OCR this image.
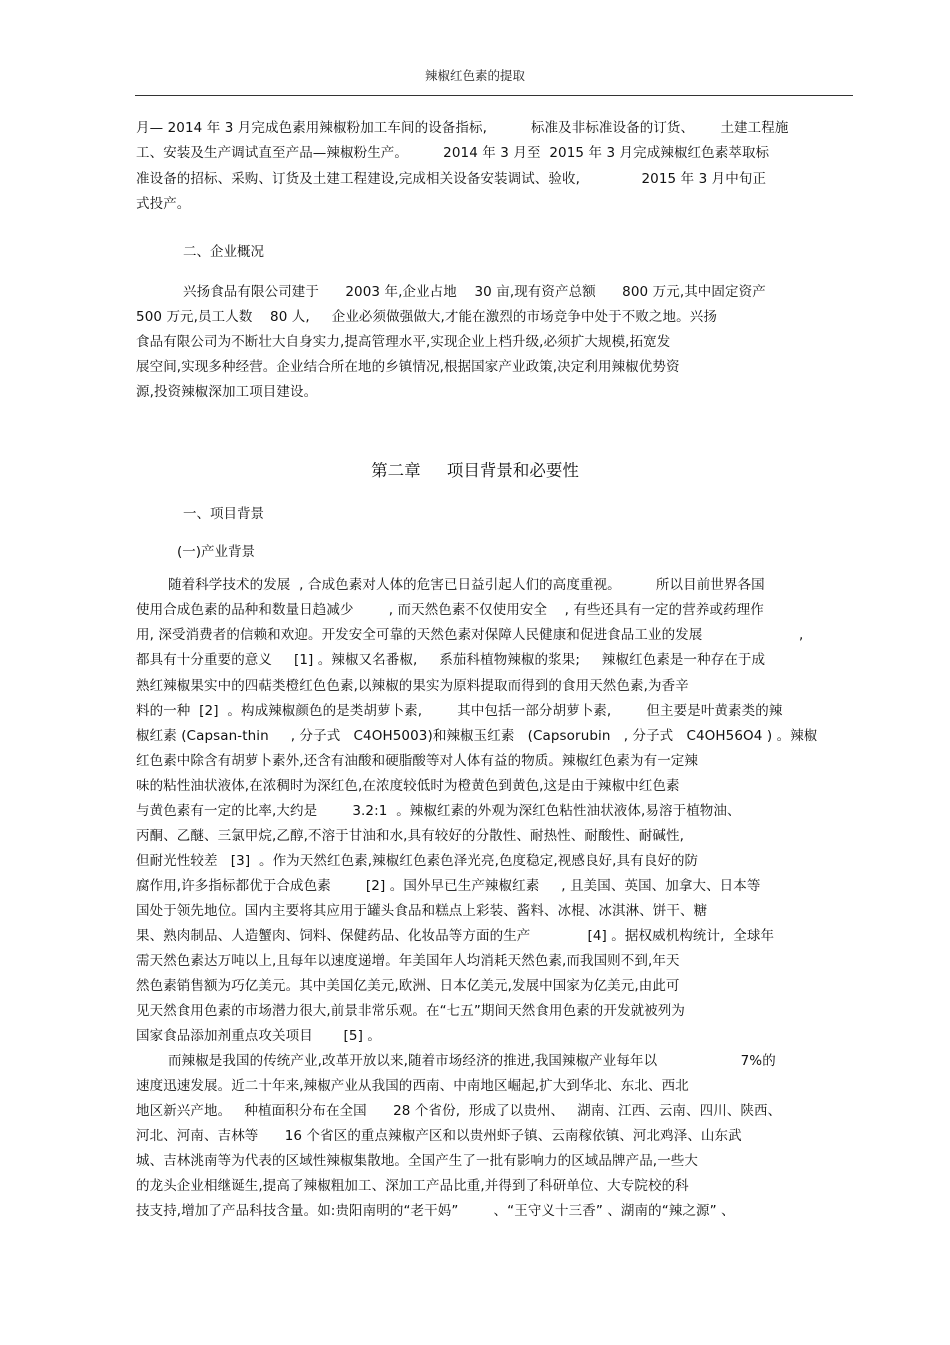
辣椒红色素的提取
月— 2014 年 3 月完成色素用辣椒粉加工车间的设备指标,          标准及非标准设备的订货、      土建工程施
工、安装及生产调试直至产品—辣椒粉生产。        2014 年 3 月至  2015 年 3 月完成辣椒红色素萃取标
准设备的招标、采购、订货及土建工程建设,完成相关设备安装调试、验收,              2015 年 3 月中旬正
式投产。
二、企业概况
兴扬食品有限公司建于      2003 年,企业占地    30 亩,现有资产总额      800 万元,其中固定资产
500 万元,员工人数    80 人,     企业必须做强做大,才能在激烈的市场竞争中处于不败之地。兴扬
食品有限公司为不断壮大自身实力,提高管理水平,实现企业上档升级,必须扩大规模,拓宽发
展空间,实现多种经营。企业结合所在地的乡镇情况,根据国家产业政策,决定利用辣椒优势资
源,投资辣椒深加工项目建设。
第二章     项目背景和必要性
一、项目背景
(一)产业背景
随着科学技术的发展  , 合成色素对人体的危害已日益引起人们的高度重视。        所以目前世界各国
使用合成色素的品种和数量日趋减少        , 而天然色素不仅使用安全    , 有些还具有一定的营养或药理作
用, 深受消费者的信赖和欢迎。开发安全可靠的天然色素对保障人民健康和促进食品工业的发展                      ,
都具有十分重要的意义     [1] 。辣椒又名番椒,     系茄科植物辣椒的浆果;     辣椒红色素是一种存在于成
熟红辣椒果实中的四萜类橙红色色素,以辣椒的果实为原料提取而得到的食用天然色素,为香辛
料的一种  [2]  。构成辣椒颜色的是类胡萝卜素,        其中包括一部分胡萝卜素,        但主要是叶黄素类的辣
椒红素 (Capsan-thin     , 分子式   C4OH5003)和辣椒玉红素   (Capsorubin   , 分子式   C4OH56O4 ) 。辣椒
红色素中除含有胡萝卜素外,还含有油酸和硬脂酸等对人体有益的物质。辣椒红色素为有一定辣
味的粘性油状液体,在浓稠时为深红色,在浓度较低时为橙黄色到黄色,这是由于辣椒中红色素
与黄色素有一定的比率,大约是        3.2:1  。辣椒红素的外观为深红色粘性油状液体,易溶于植物油、
丙酮、乙醚、三氯甲烷,乙醇,不溶于甘油和水,具有较好的分散性、耐热性、耐酸性、耐碱性,
但耐光性较差   [3]  。作为天然红色素,辣椒红色素色泽光亮,色度稳定,视感良好,具有良好的防
腐作用,许多指标都优于合成色素        [2] 。国外早已生产辣椒红素     , 且美国、英国、加拿大、日本等
国处于领先地位。国内主要将其应用于罐头食品和糕点上彩装、酱料、冰棍、冰淇淋、饼干、糖
果、熟肉制品、人造蟹肉、饲料、保健药品、化妆品等方面的生产             [4] 。据权威机构统计,  全球年
需天然色素达万吨以上,且每年以速度递增。年美国年人均消耗天然色素,而我国则不到,年天
然色素销售额为巧亿美元。其中美国亿美元,欧洲、日本亿美元,发展中国家为亿美元,由此可
见天然食用色素的市场潜力很大,前景非常乐观。在“七五”期间天然食用色素的开发就被列为
国家食品添加剂重点攻关项目       [5] 。
而辣椒是我国的传统产业,改革开放以来,随着市场经济的推进,我国辣椒产业每年以                   7%的
速度迅速发展。近二十年来,辣椒产业从我国的西南、中南地区崛起,扩大到华北、东北、西北
地区新兴产地。   种植面积分布在全国      28 个省份,  形成了以贵州、   湖南、江西、云南、四川、陕西、
河北、河南、吉林等      16 个省区的重点辣椒产区和以贵州虾子镇、云南稼依镇、河北鸡泽、山东武
城、吉林洮南等为代表的区域性辣椒集散地。全国产生了一批有影响力的区域品牌产品,一些大
的龙头企业相继诞生,提高了辣椒粗加工、深加工产品比重,并得到了科研单位、大专院校的科
技支持,增加了产品科技含量。如:贵阳南明的“老干妈”        、“王守义十三香” 、湖南的“辣之源” 、
